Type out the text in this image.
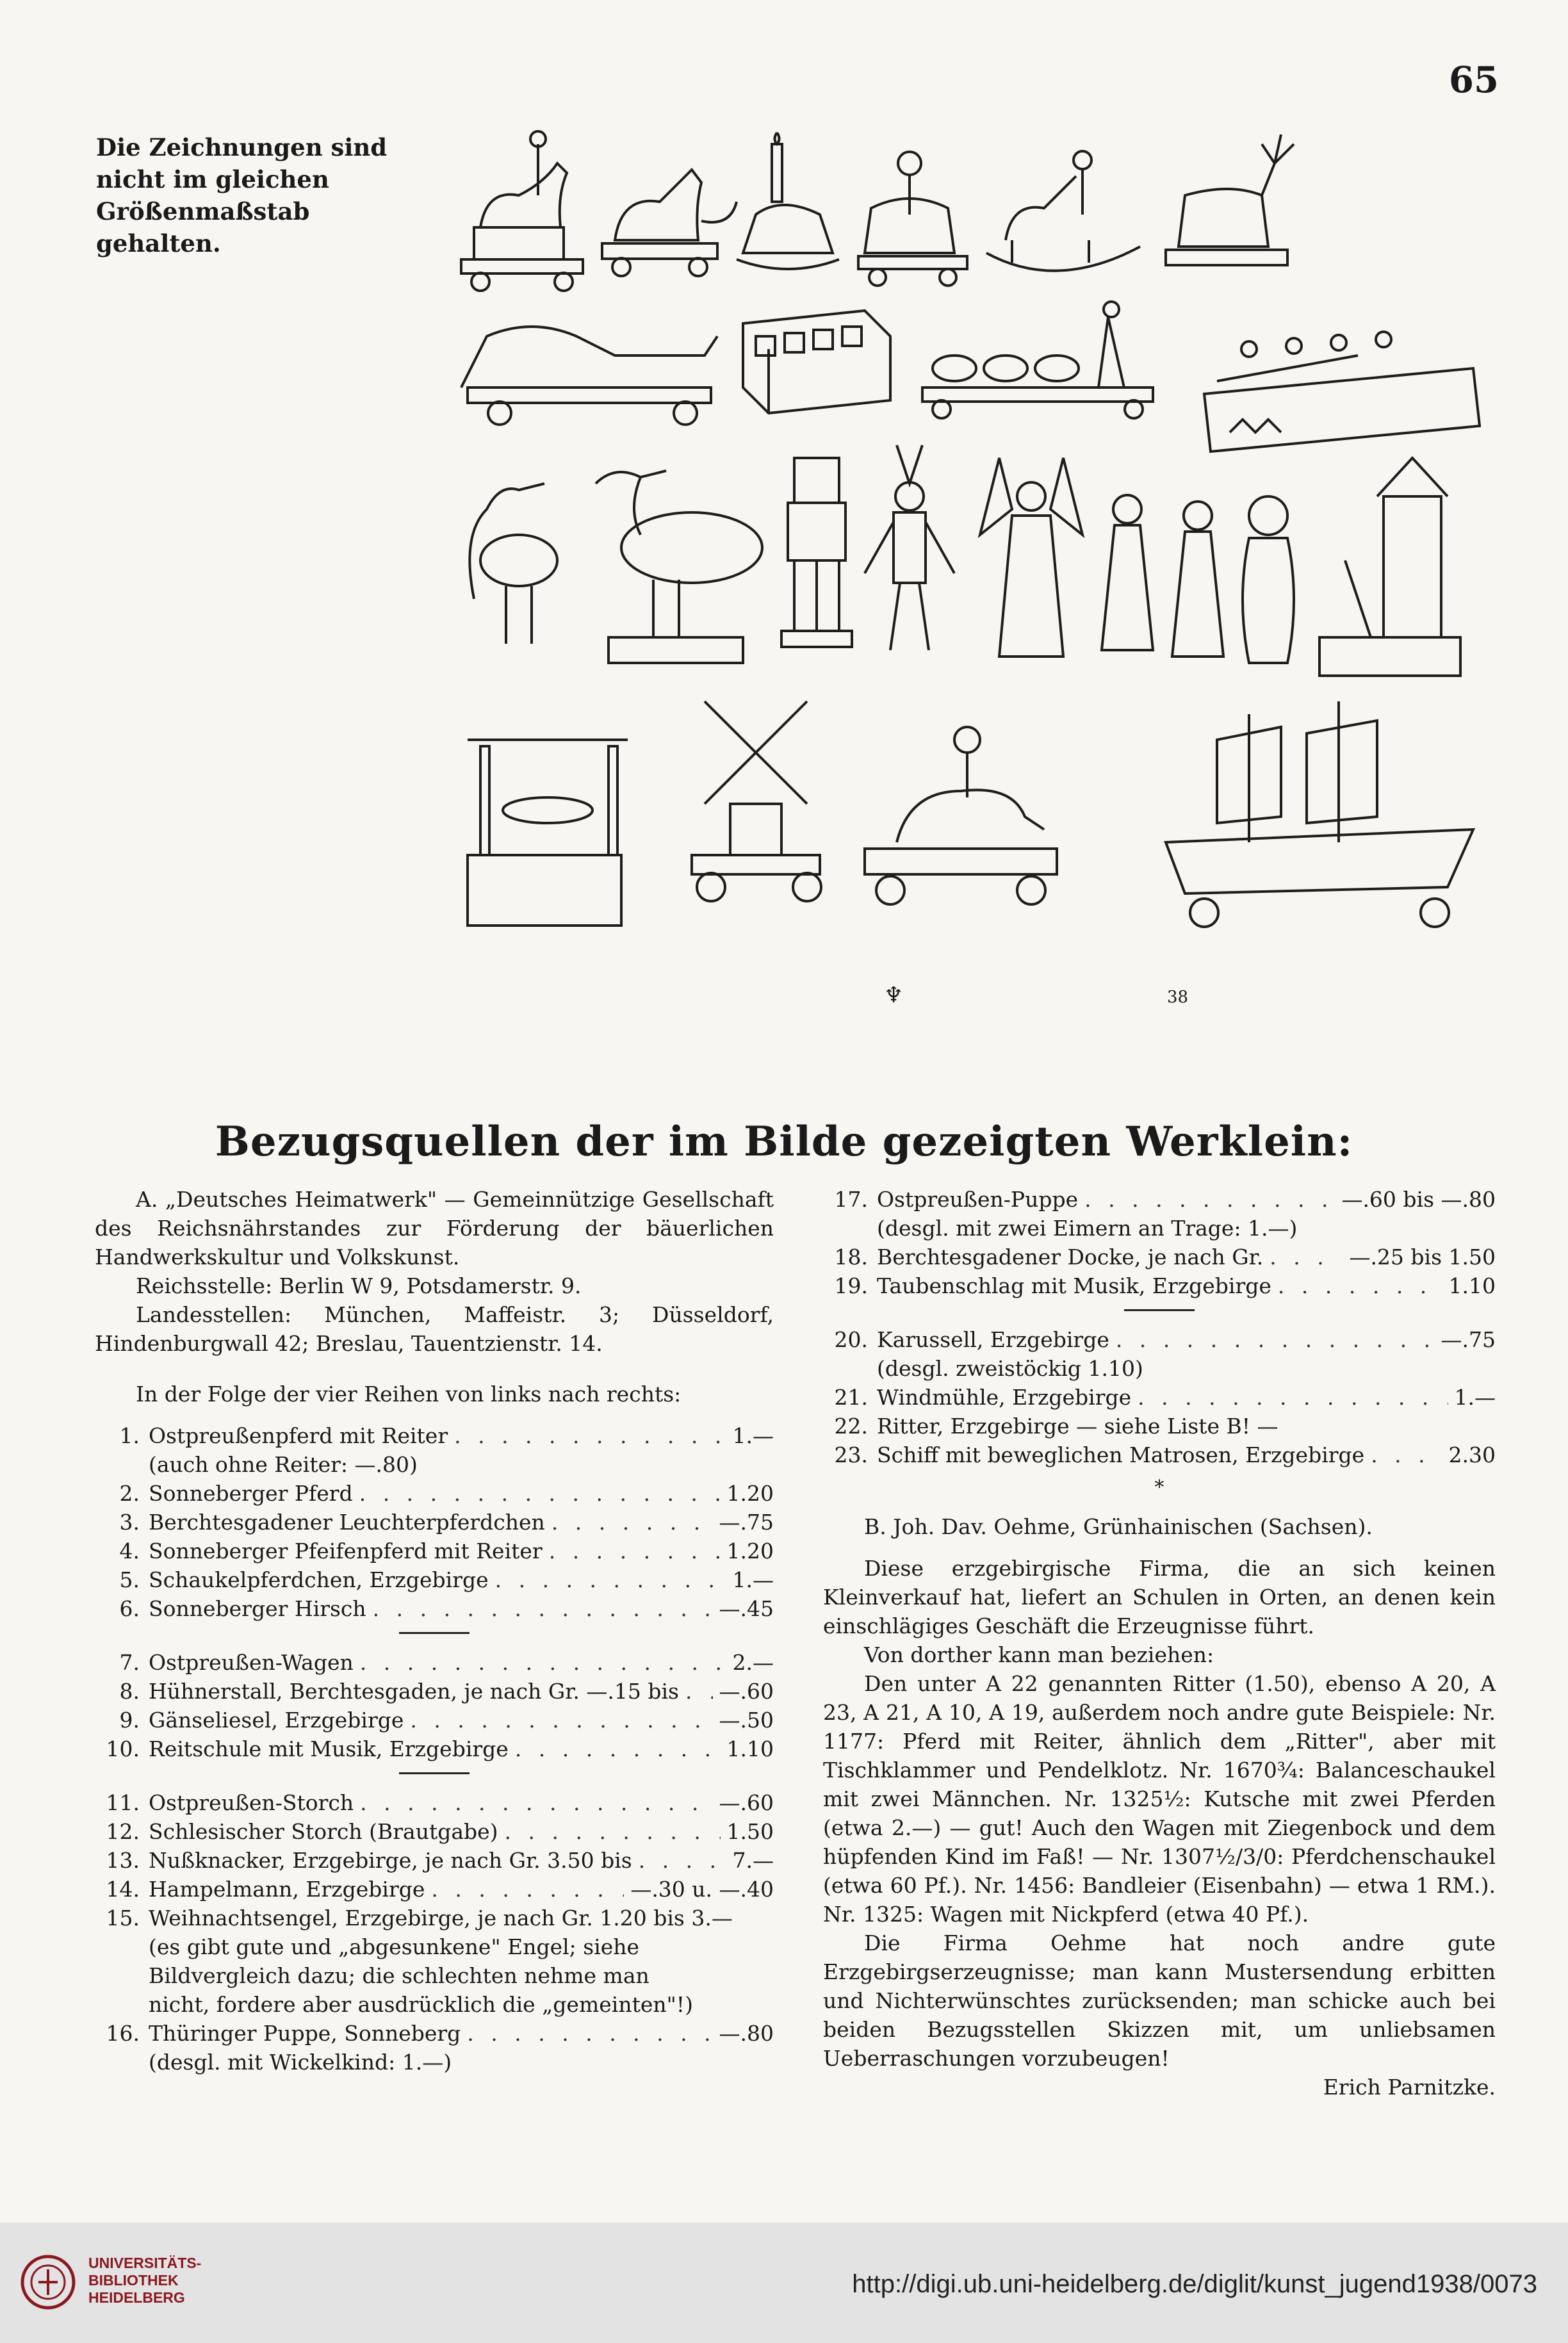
65
Die Zeichnungen sind nicht im gleichen Größenmaßstab gehalten.
♆	38
Bezugsquellen der im Bilde gezeigten Werklein:

A. „Deutsches Heimatwerk" — Gemeinnützige Gesellschaft des Reichsnährstandes zur Förderung der bäuerlichen Handwerkskultur und Volkskunst.

Reichsstelle: Berlin W 9, Potsdamerstr. 9.

Landesstellen: München, Maffeistr. 3; Düsseldorf, Hindenburgwall 42; Breslau, Tauentzienstr. 14.

In der Folge der vier Reihen von links nach rechts:

1. Ostpreußenpferd mit Reiter . . .	1.—
(auch ohne Reiter: —.80)
2. Sonneberger Pferd . . .	1.20
3. Berchtesgadener Leuchterpferdchen . . .	—.75
4. Sonneberger Pfeifenpferd mit Reiter . . .	1.20
5. Schaukelpferdchen, Erzgebirge . . .	1.—
6. Sonneberger Hirsch . . .	—.45
7. Ostpreußen-Wagen . . .	2.—
8. Hühnerstall, Berchtesgaden, je nach Gr. —.15 bis . . . —.60
9. Gänseliesel, Erzgebirge . . .	—.50
10. Reitschule mit Musik, Erzgebirge . . .	1.10
11. Ostpreußen-Storch . . .	—.60
12. Schlesischer Storch (Brautgabe) . . .	1.50
13. Nußknacker, Erzgebirge, je nach Gr. 3.50 bis . . .	7.—
14. Hampelmann, Erzgebirge . . .	—.30 u. —.40
15. Weihnachtsengel, Erzgebirge, je nach Gr. 1.20 bis 3.—
(es gibt gute und „abgesunkene" Engel; siehe
Bildvergleich dazu; die schlechten nehme man
nicht, fordere aber ausdrücklich die „gemeinten"!)
16. Thüringer Puppe, Sonneberg . . .	—.80
(desgl. mit Wickelkind: 1.—)
17. Ostpreußen-Puppe . . .	—.60 bis —.80
(desgl. mit zwei Eimern an Trage: 1.—)
18. Berchtesgadener Docke, je nach Gr. . . .	—.25 bis 1.50
19. Taubenschlag mit Musik, Erzgebirge . . .	1.10
20. Karussell, Erzgebirge . . .	—.75
(desgl. zweistöckig 1.10)
21. Windmühle, Erzgebirge . . .	1.—
22. Ritter, Erzgebirge — siehe Liste B! —
23. Schiff mit beweglichen Matrosen, Erzgebirge . . .	2.30
*

B. Joh. Dav. Oehme, Grünhainischen (Sachsen).

Diese erzgebirgische Firma, die an sich keinen Kleinverkauf hat, liefert an Schulen in Orten, an denen kein einschlägiges Geschäft die Erzeugnisse führt.

Von dorther kann man beziehen:

Den unter A 22 genannten Ritter (1.50), ebenso A 20, A 23, A 21, A 10, A 19, außerdem noch andre gute Beispiele: Nr. 1177: Pferd mit Reiter, ähnlich dem „Ritter", aber mit Tischklammer und Pendelklotz. Nr. 1670¾: Balanceschaukel mit zwei Männchen. Nr. 1325½: Kutsche mit zwei Pferden (etwa 2.—) — gut! Auch den Wagen mit Ziegenbock und dem hüpfenden Kind im Faß! — Nr. 1307½/3/0: Pferdchenschaukel (etwa 60 Pf.). Nr. 1456: Bandleier (Eisenbahn) — etwa 1 RM.). Nr. 1325: Wagen mit Nickpferd (etwa 40 Pf.).

Die Firma Oehme hat noch andre gute Erzgebirgserzeugnisse; man kann Mustersendung erbitten und Nichterwünschtes zurücksenden; man schicke auch bei beiden Bezugsstellen Skizzen mit, um unliebsamen Ueberraschungen vorzubeugen!

Erich Parnitzke.
UNIVERSITÄTS-
BIBLIOTHEK
HEIDELBERG	http://digi.ub.uni-heidelberg.de/diglit/kunst_jugend1938/0073
